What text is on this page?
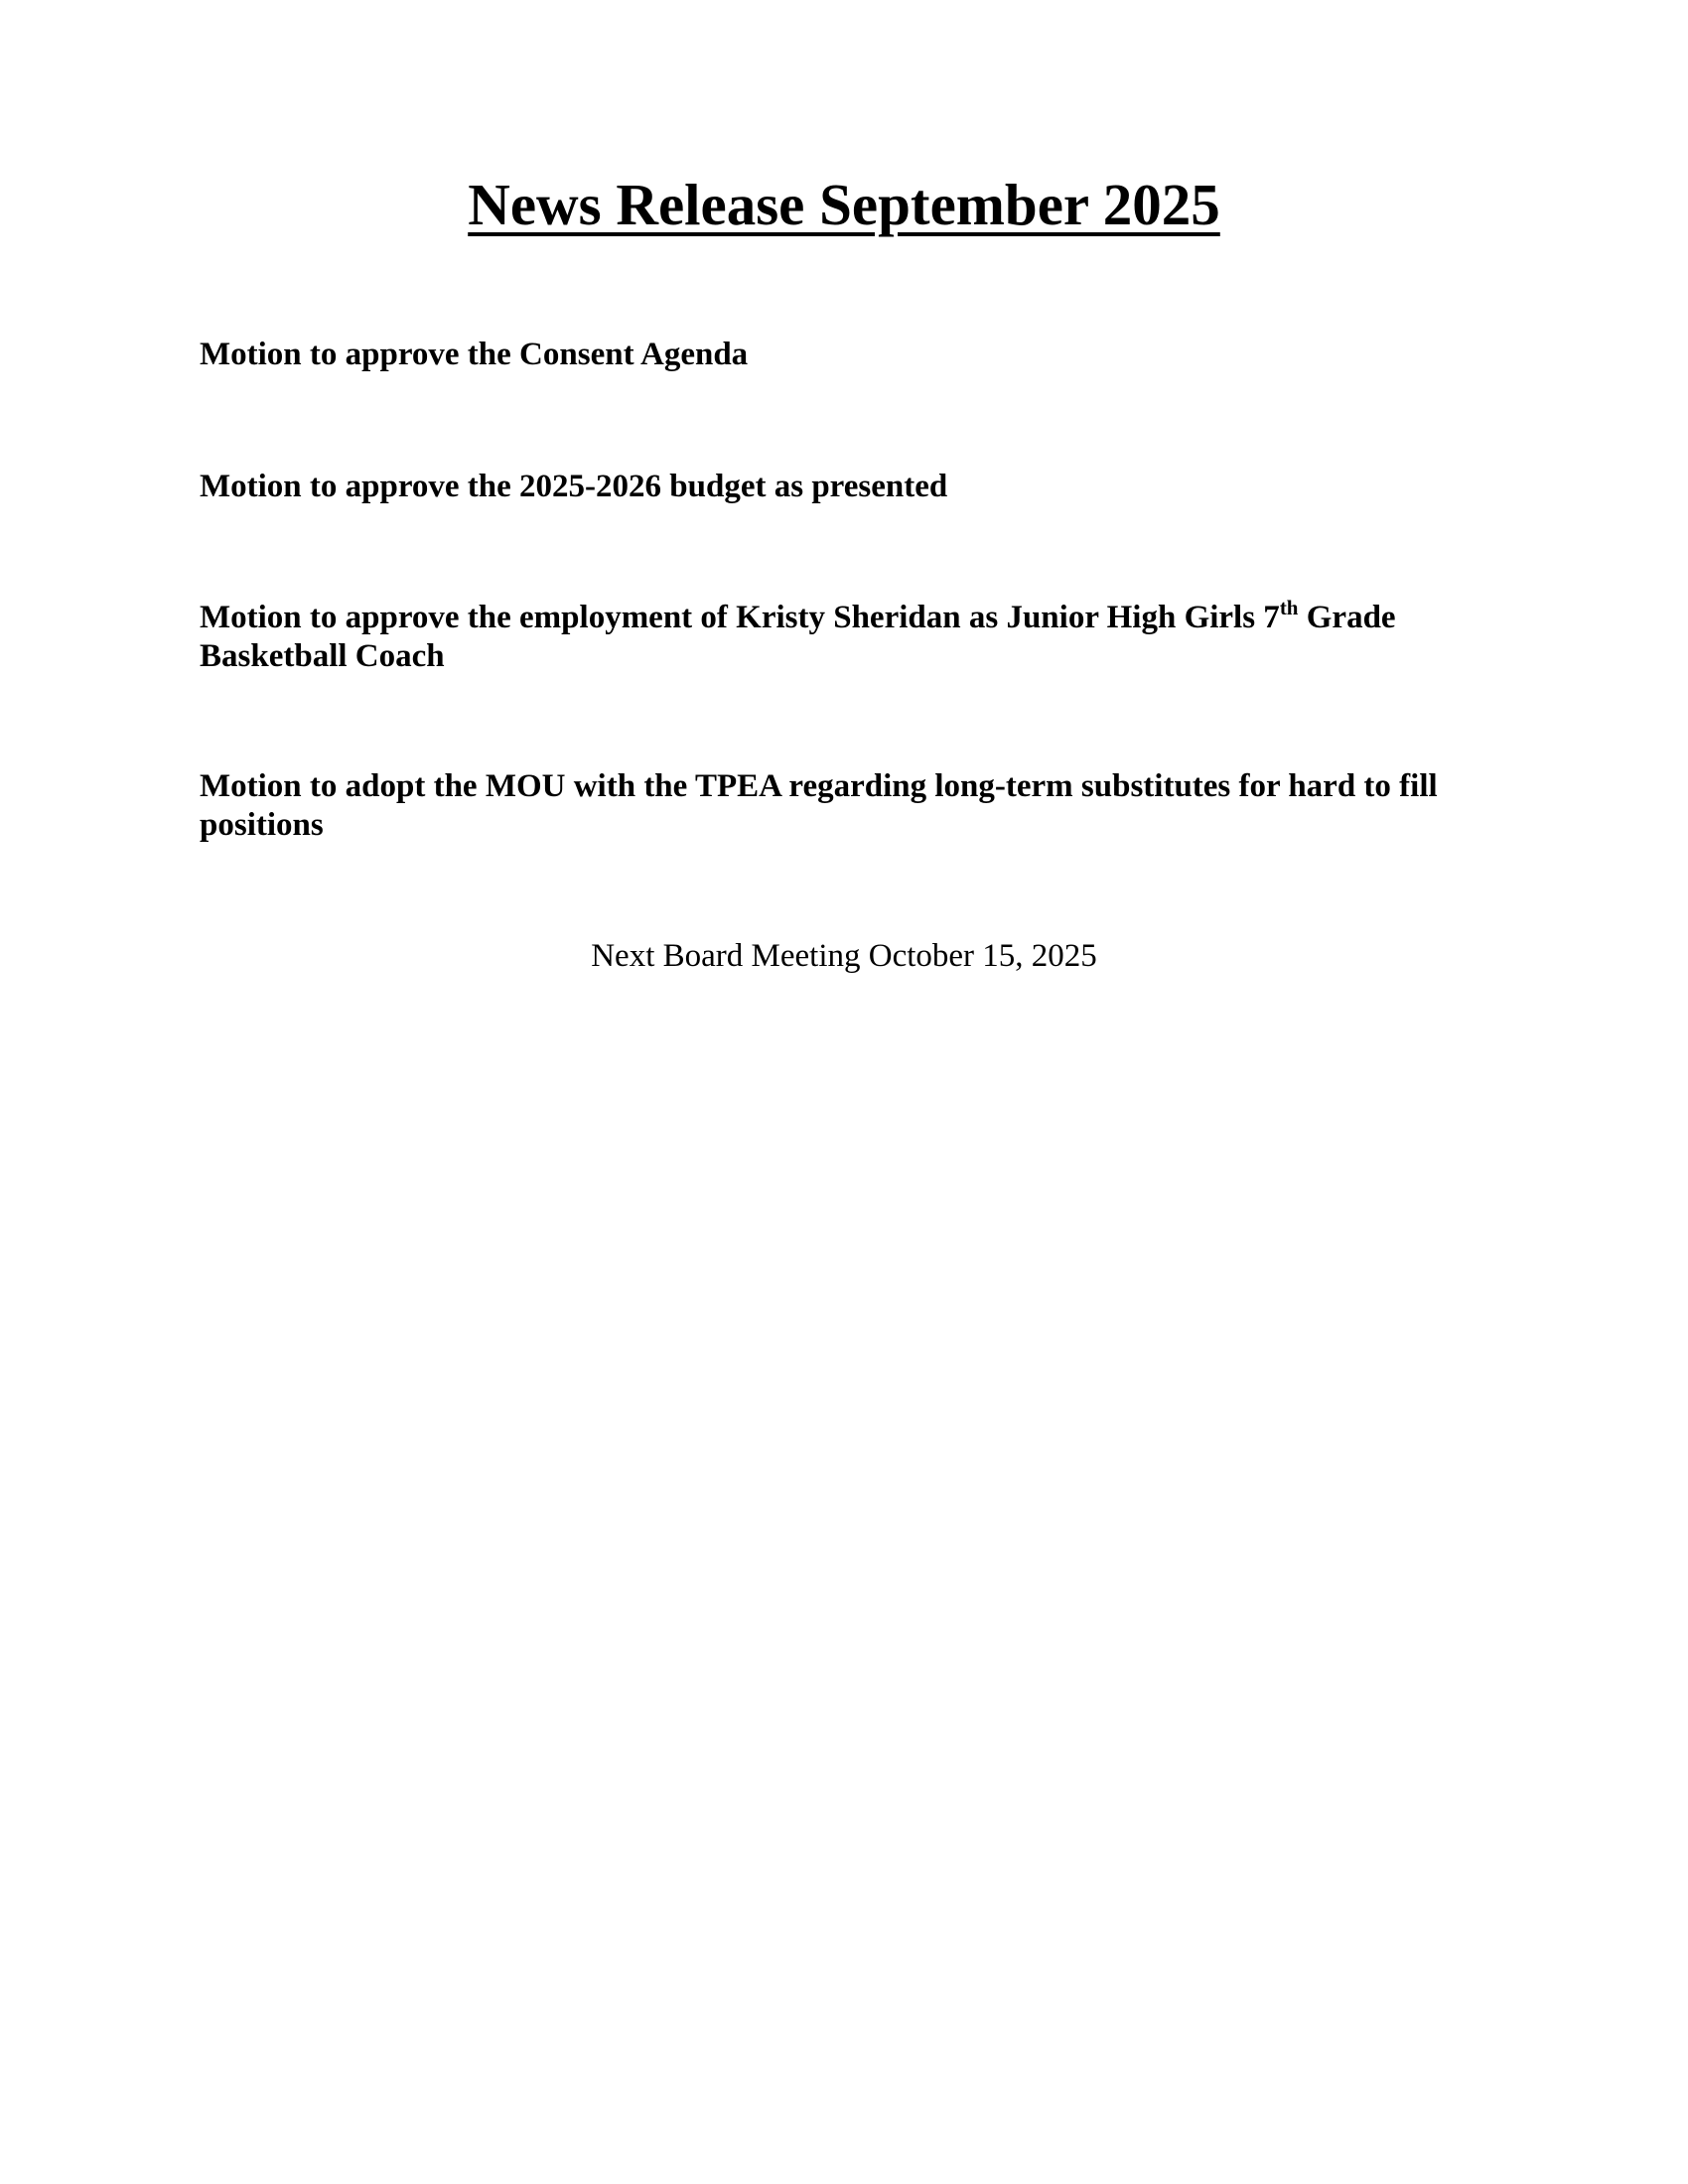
News Release September 2025

Motion to approve the Consent Agenda

Motion to approve the 2025-2026 budget as presented

Motion to approve the employment of Kristy Sheridan as Junior High Girls 7th Grade Basketball Coach

Motion to adopt the MOU with the TPEA regarding long-term substitutes for hard to fill positions

Next Board Meeting October 15, 2025
